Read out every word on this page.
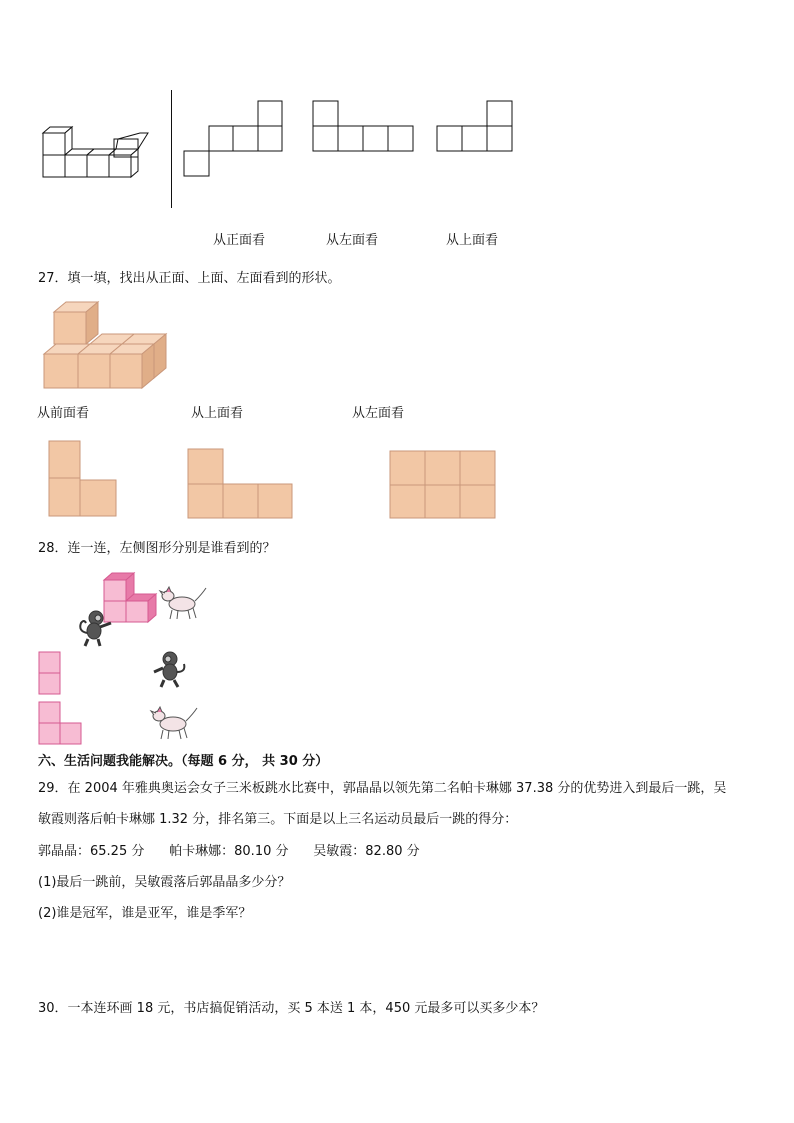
从正面看	从左面看	从上面看
27．填一填，找出从正面、上面、左面看到的形状。
从前面看	从上面看	从左面看
28．连一连，左侧图形分别是谁看到的？
六、生活问题我能解决。（每题 6 分， 共 30 分）
29．在 2004 年雅典奥运会女子三米板跳水比赛中，郭晶晶以领先第二名帕卡琳娜 37.38 分的优势进入到最后一跳，吴
敏霞则落后帕卡琳娜 1.32 分，排名第三。下面是以上三名运动员最后一跳的得分：
郭晶晶：65.25 分      帕卡琳娜：80.10 分      吴敏霞：82.80 分
(1)最后一跳前，吴敏霞落后郭晶晶多少分？
(2)谁是冠军，谁是亚军，谁是季军？
30．一本连环画 18 元，书店搞促销活动，买 5 本送 1 本，450 元最多可以买多少本？
